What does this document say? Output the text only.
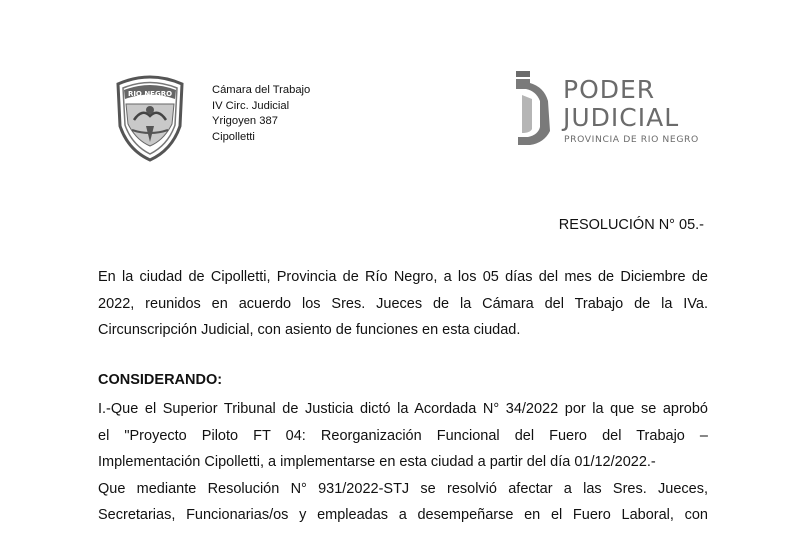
RIO NEGRO	Cámara del Trabajo
IV Circ. Judicial
Yrigoyen 387
Cipolletti
PODER
JUDICIAL
PROVINCIA DE RIO NEGRO
RESOLUCIÓN N° 05.-
En la ciudad de Cipolletti, Provincia de Río Negro, a los 05 días del mes de Diciembre de
2022, reunidos en acuerdo los Sres. Jueces de la Cámara del Trabajo de la IVa.
Circunscripción Judicial, con asiento de funciones en esta ciudad.
CONSIDERANDO:
I.-Que el Superior Tribunal de Justicia dictó la Acordada N° 34/2022 por la que se aprobó
el "Proyecto Piloto FT 04: Reorganización Funcional del Fuero del Trabajo –
Implementación Cipolletti, a implementarse en esta ciudad a partir del día 01/12/2022.-
Que mediante Resolución N° 931/2022-STJ se resolvió afectar a las Sres. Jueces,
Secretarias, Funcionarias/os y empleadas a desempeñarse en el Fuero Laboral, con
